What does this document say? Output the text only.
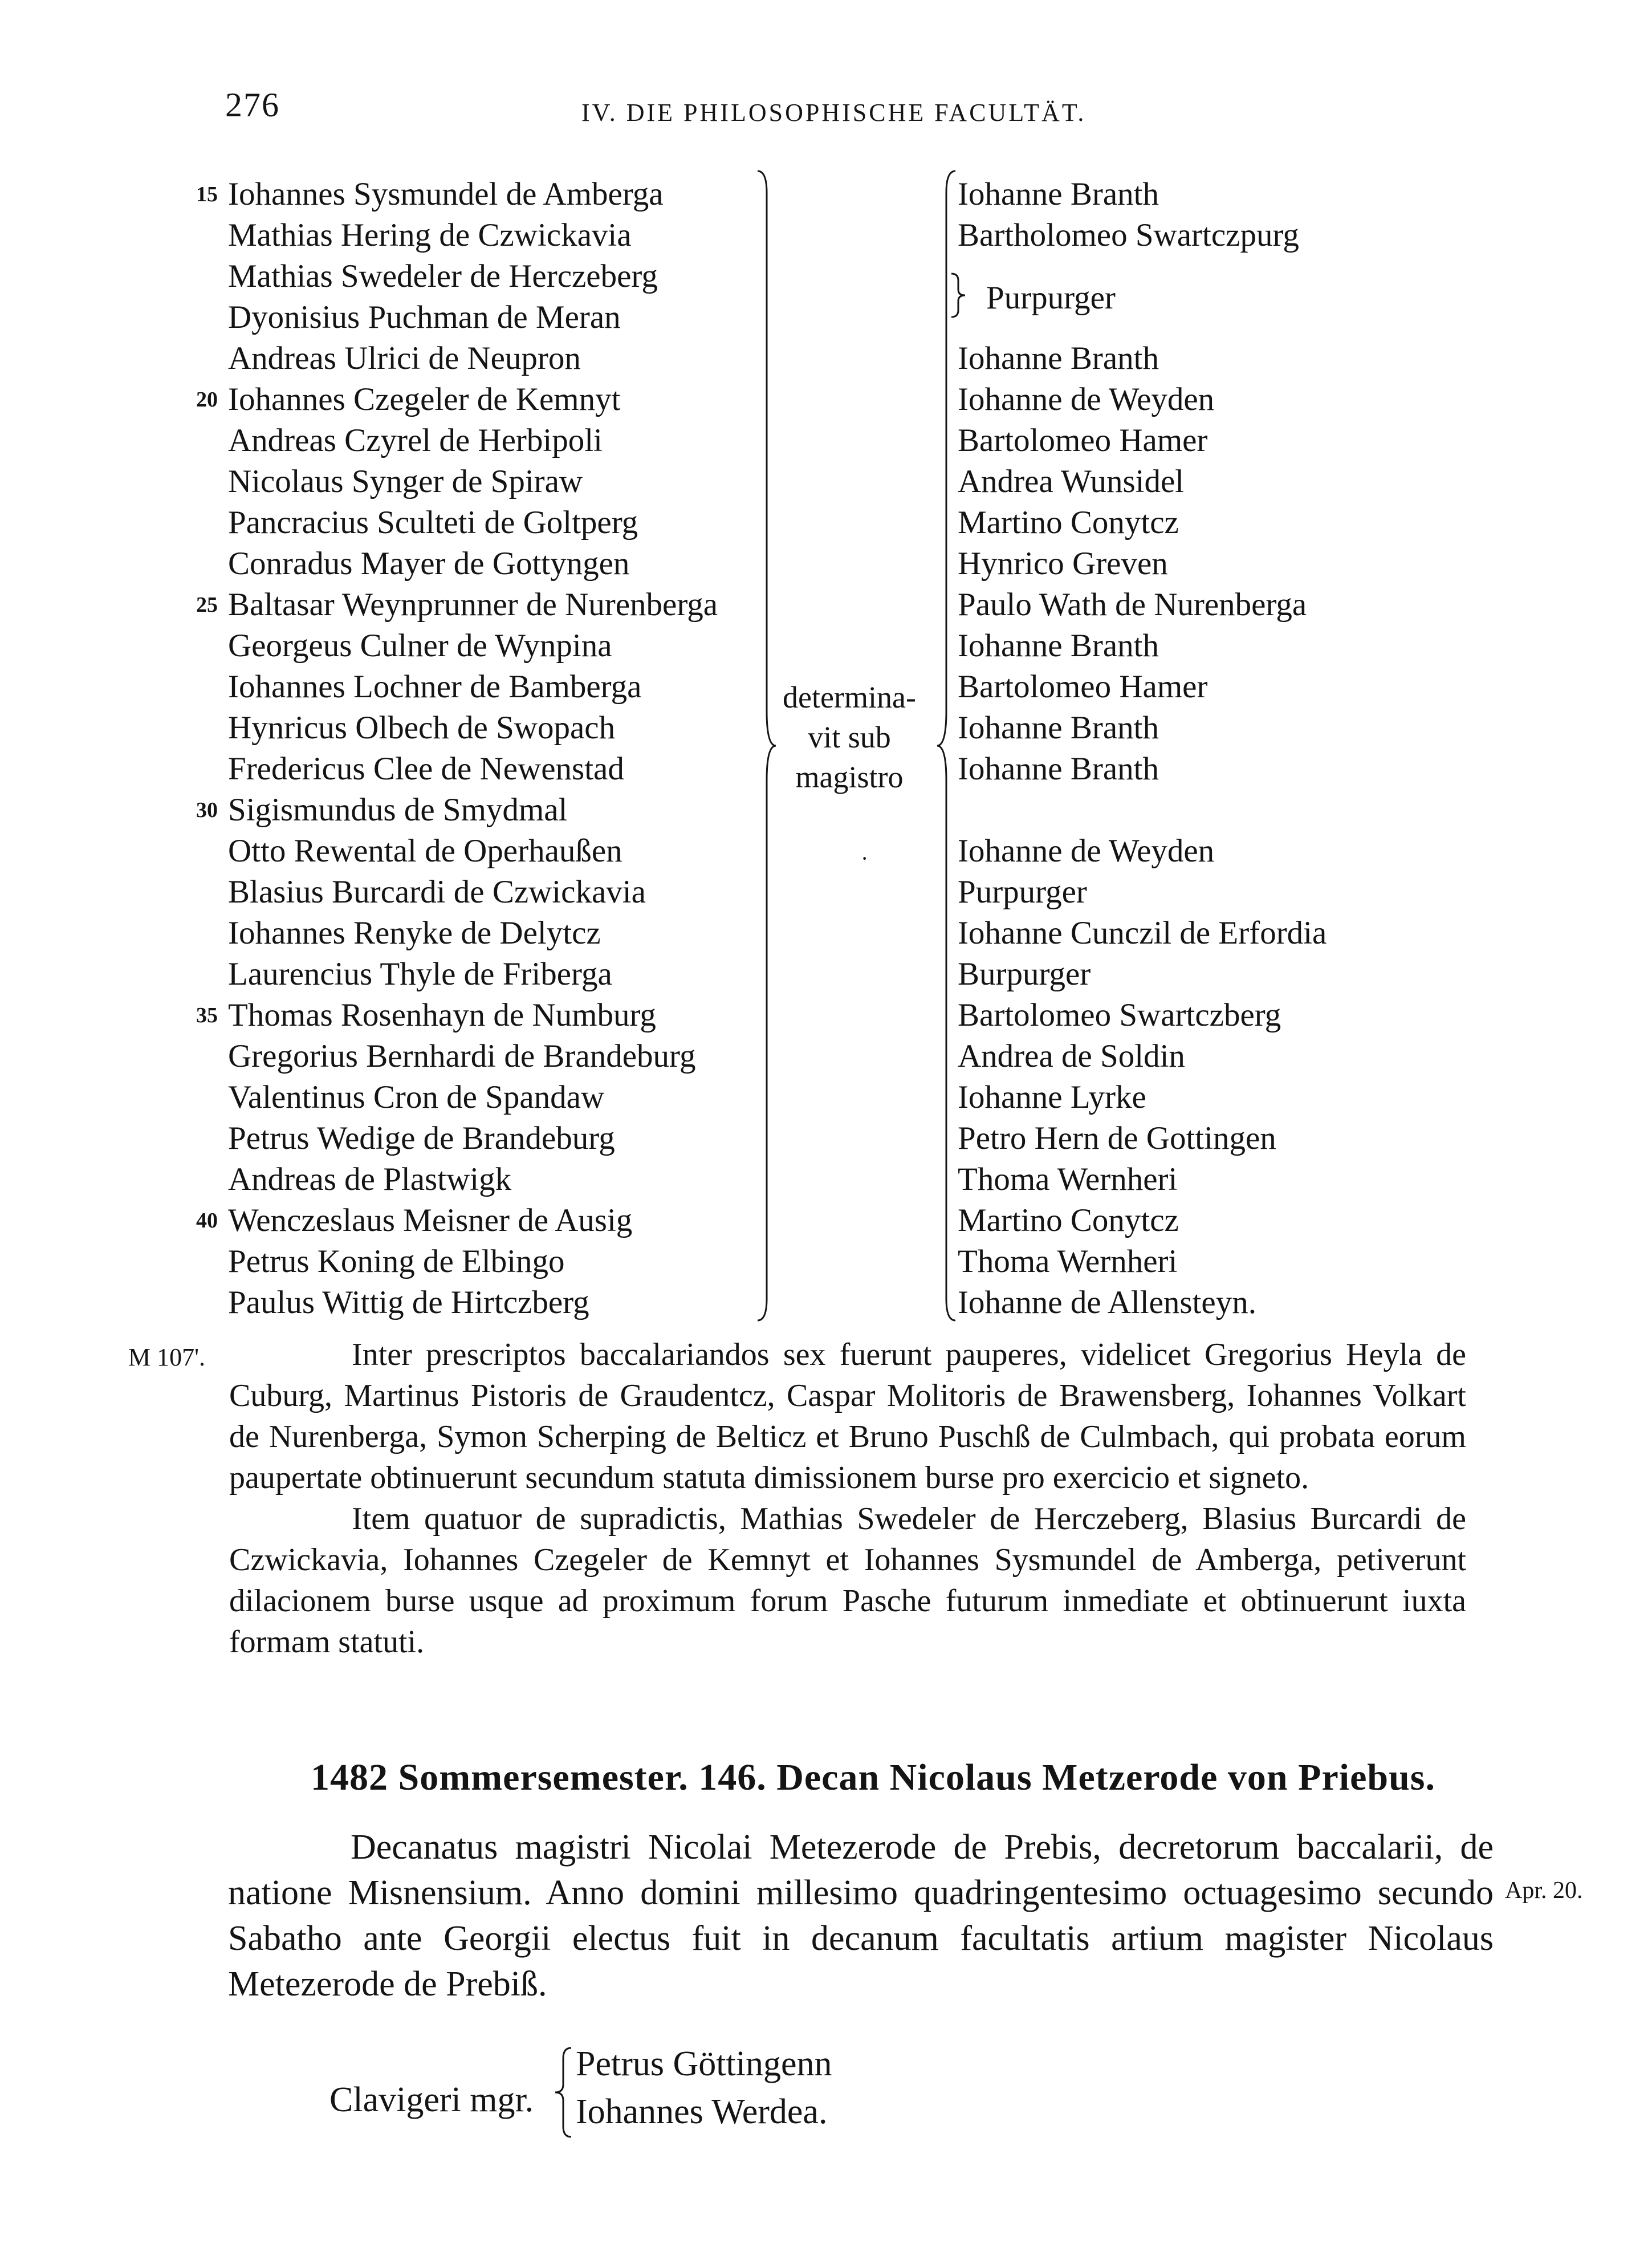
276	IV. DIE PHILOSOPHISCHE FACULTÄT.
15 Iohannes Sysmundel de Amberga
Mathias Hering de Czwickavia
Mathias Swedeler de Herczeberg
Dyonisius Puchman de Meran
Andreas Ulrici de Neupron
20 Iohannes Czegeler de Kemnyt
Andreas Czyrel de Herbipoli
Nicolaus Synger de Spiraw
Pancracius Sculteti de Goltperg
Conradus Mayer de Gottyngen
25 Baltasar Weynprunner de Nurenberga
Georgeus Culner de Wynpina
Iohannes Lochner de Bamberga
Hynricus Olbech de Swopach
Fredericus Clee de Newenstad
30 Sigismundus de Smydmal
Otto Rewental de Operhaußen
Blasius Burcardi de Czwickavia
Iohannes Renyke de Delytcz
Laurencius Thyle de Friberga
35 Thomas Rosenhayn de Numburg
Gregorius Bernhardi de Brandeburg
Valentinus Cron de Spandaw
Petrus Wedige de Brandeburg
Andreas de Plastwigk
40 Wenczeslaus Meisner de Ausig
Petrus Koning de Elbingo
Paulus Wittig de Hirtczberg
determina-
vit sub
magistro
·
Iohanne Branth
Bartholomeo Swartczpurg
Iohanne Branth
Iohanne de Weyden
Bartolomeo Hamer
Andrea Wunsidel
Martino Conytcz
Hynrico Greven
Paulo Wath de Nurenberga
Iohanne Branth
Bartolomeo Hamer
Iohanne Branth
Iohanne Branth
Iohanne de Weyden
Purpurger
Iohanne Cunczil de Erfordia
Burpurger
Bartolomeo Swartczberg
Andrea de Soldin
Iohanne Lyrke
Petro Hern de Gottingen
Thoma Wernheri
Martino Conytcz
Thoma Wernheri
Iohanne de Allensteyn.
Purpurger
M 107'.	Inter prescriptos baccalariandos sex fuerunt pauperes, videlicet Gregorius Heyla de Cuburg, Martinus Pistoris de Graudentcz, Caspar Molitoris de Brawensberg, Iohannes Volkart de Nurenberga, Symon Scherping de Belticz et Bruno Puschß de Culmbach, qui probata eorum paupertate obtinuerunt secundum statuta dimissionem burse pro exercicio et signeto.
Item quatuor de supradictis, Mathias Swedeler de Herczeberg, Blasius Burcardi de Czwickavia, Iohannes Czegeler de Kemnyt et Iohannes Sysmundel de Amberga, petiverunt dilacionem burse usque ad proximum forum Pasche futurum inmediate et obtinuerunt iuxta formam statuti.
1482 Sommersemester. 146. Decan Nicolaus Metzerode von Priebus.
Decanatus magistri Nicolai Metezerode de Prebis, decretorum baccalarii, de natione Misnensium. Anno domini millesimo quadringentesimo octuagesimo secundo Sabatho ante Georgii electus fuit in decanum facultatis artium magister Nicolaus Metezerode de Prebiß.
Apr. 20.
Clavigeri mgr.
Petrus Göttingenn
Iohannes Werdea.
